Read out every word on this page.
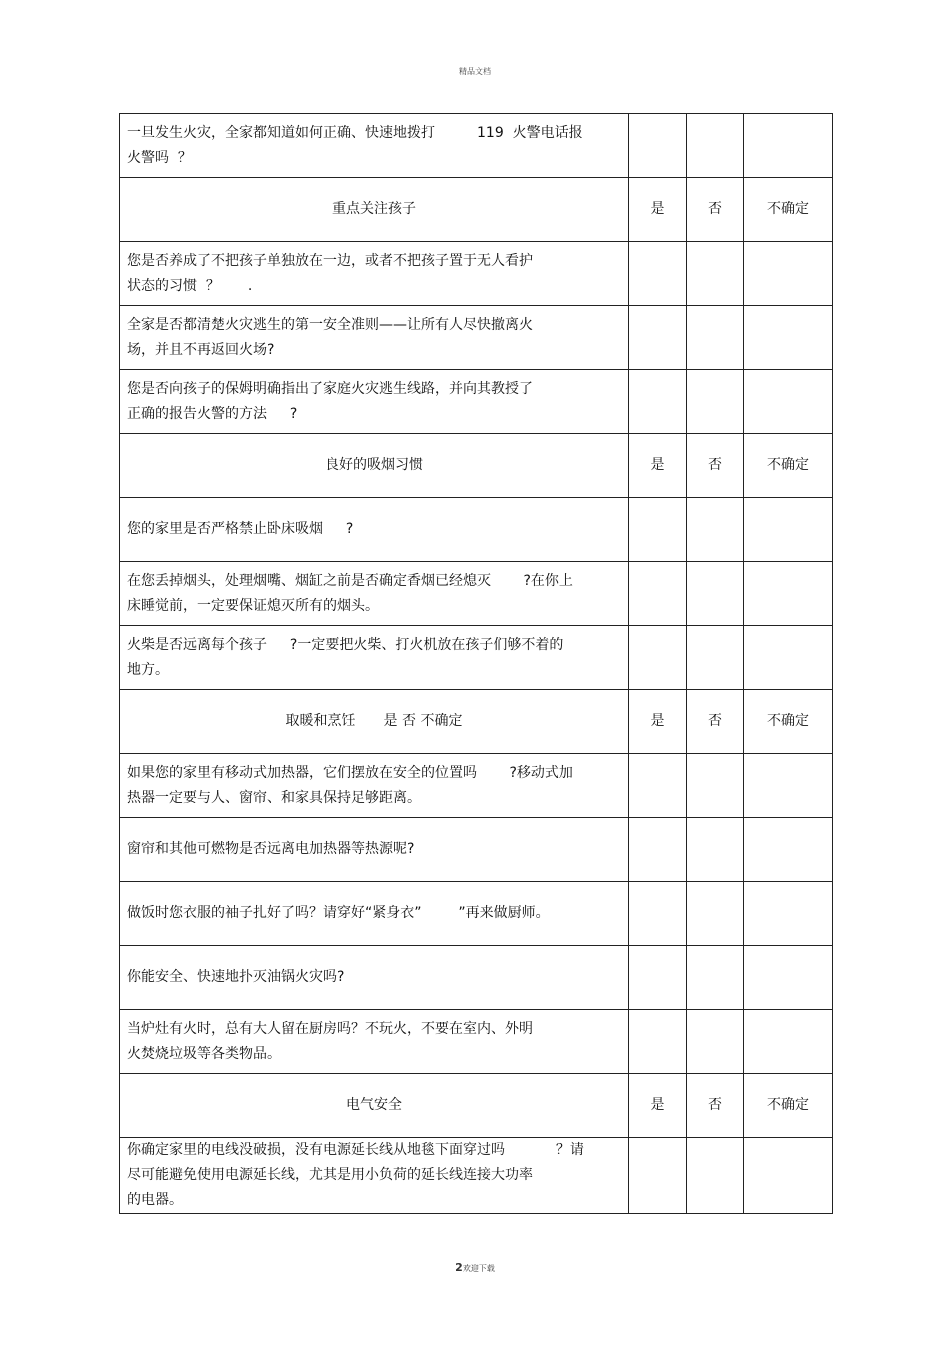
精品文档
一旦发生火灾，全家都知道如何正确、快速地拨打　　　119  火警电话报
火警吗  ？			

重点关注孩子	是	否	不确定

您是否养成了不把孩子单独放在一边，或者不把孩子置于无人看护
状态的习惯  ？　　.			

全家是否都清楚火灾逃生的第一安全准则——让所有人尽快撤离火
场，并且不再返回火场?			

您是否向孩子的保姆明确指出了家庭火灾逃生线路，并向其教授了
正确的报告火警的方法　  ?			

良好的吸烟习惯	是	否	不确定

您的家里是否严格禁止卧床吸烟　  ?			

在您丢掉烟头，处理烟嘴、烟缸之前是否确定香烟已经熄灭　　 ?在你上
床睡觉前，一定要保证熄灭所有的烟头。			

火柴是否远离每个孩子　  ?一定要把火柴、打火机放在孩子们够不着的
地方。			

取暖和烹饪　　是 否 不确定	是	否	不确定

如果您的家里有移动式加热器，它们摆放在安全的位置吗　　 ?移动式加
热器一定要与人、窗帘、和家具保持足够距离。			

窗帘和其他可燃物是否远离电加热器等热源呢?			

做饭时您衣服的袖子扎好了吗？请穿好“紧身衣”　　  ”再来做厨师。			

你能安全、快速地扑灭油锅火灾吗?			

当炉灶有火时，总有大人留在厨房吗？不玩火，不要在室内、外明
火焚烧垃圾等各类物品。			

电气安全	是	否	不确定

你确定家里的电线没破损，没有电源延长线从地毯下面穿过吗　　　  ？请
尽可能避免使用电源延长线，尤其是用小负荷的延长线连接大功率
的电器。			

2欢迎下载
